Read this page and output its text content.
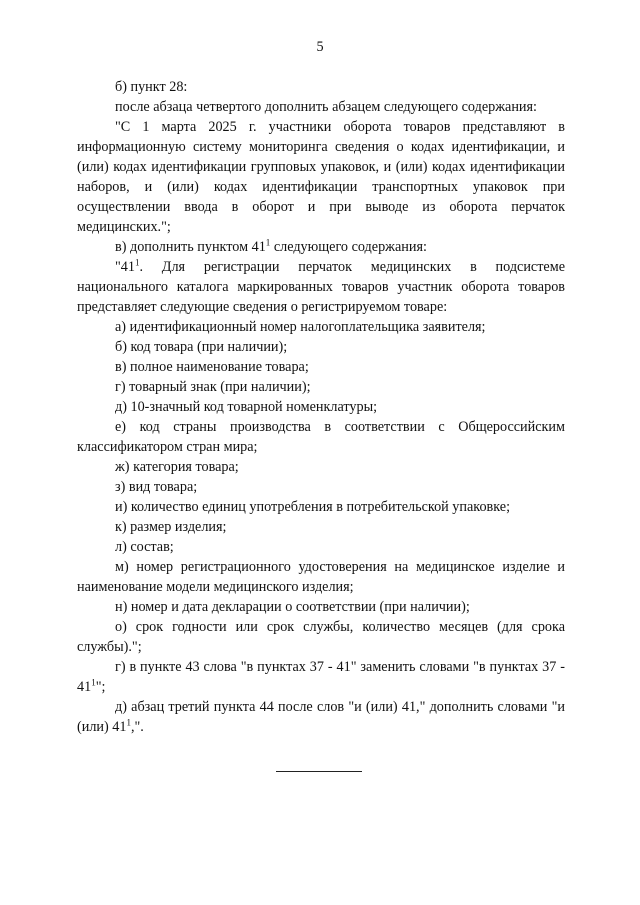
5

б) пункт 28:

после абзаца четвертого дополнить абзацем следующего содержания:

"С 1 марта 2025 г. участники оборота товаров представляют в информационную систему мониторинга сведения о кодах идентификации, и (или) кодах идентификации групповых упаковок, и (или) кодах идентификации наборов, и (или) кодах идентификации транспортных упаковок при осуществлении ввода в оборот и при выводе из оборота перчаток медицинских.";

в) дополнить пунктом $41^1$ следующего содержания:

"$41^1$. Для регистрации перчаток медицинских в подсистеме национального каталога маркированных товаров участник оборота товаров представляет следующие сведения о регистрируемом товаре:

а) идентификационный номер налогоплательщика заявителя;

б) код товара (при наличии);

в) полное наименование товара;

г) товарный знак (при наличии);

д) 10-значный код товарной номенклатуры;

е) код страны производства в соответствии с Общероссийским классификатором стран мира;

ж) категория товара;

з) вид товара;

и) количество единиц употребления в потребительской упаковке;

к) размер изделия;

л) состав;

м) номер регистрационного удостоверения на медицинское изделие и наименование модели медицинского изделия;

н) номер и дата декларации о соответствии (при наличии);

о) срок годности или срок службы, количество месяцев (для срока службы).";

г) в пункте 43 слова "в пунктах 37 - 41" заменить словами "в пунктах $37 - 41^1$";

д) абзац третий пункта 44 после слов "и (или) 41," дополнить словами "и (или) $41^1$,".
